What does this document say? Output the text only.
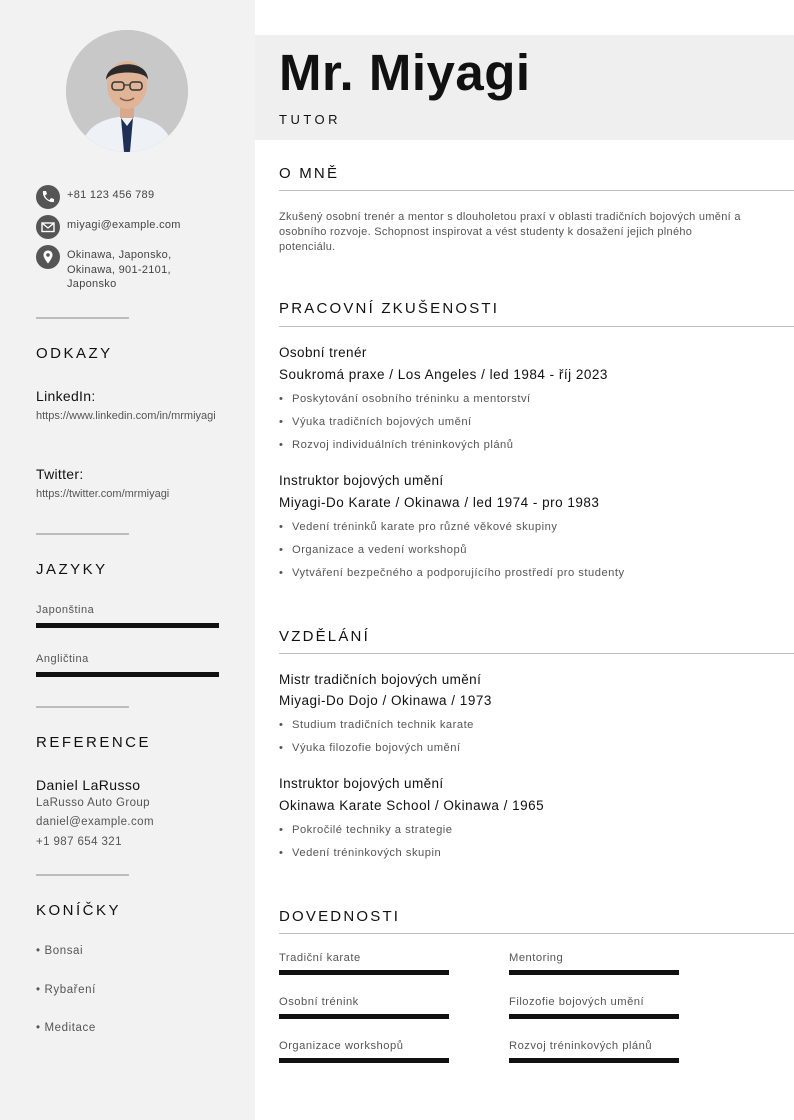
+81 123 456 789
miyagi@example.com
Okinawa, Japonsko, Okinawa, 901-2101, Japonsko
ODKAZY
LinkedIn:
https://www.linkedin.com/in/mrmiyagi
Twitter:
https://twitter.com/mrmiyagi
JAZYKY
Japonština
Angličtina
REFERENCE
Daniel LaRusso
LaRusso Auto Group
daniel@example.com
+1 987 654 321
KONÍČKY
• Bonsai
• Rybaření
• Meditace
Mr. Miyagi
TUTOR
O MNĚ
Zkušený osobní trenér a mentor s dlouholetou praxí v oblasti tradičních bojových umění a osobního rozvoje. Schopnost inspirovat a vést studenty k dosažení jejich plného potenciálu.
PRACOVNÍ ZKUŠENOSTI
Osobní trenér
Soukromá praxe / Los Angeles / led 1984 - říj 2023
• Poskytování osobního tréninku a mentorství
• Výuka tradičních bojových umění
• Rozvoj individuálních tréninkových plánů
Instruktor bojových umění
Miyagi-Do Karate / Okinawa / led 1974 - pro 1983
• Vedení tréninků karate pro různé věkové skupiny
• Organizace a vedení workshopů
• Vytváření bezpečného a podporujícího prostředí pro studenty
VZDĚLÁNÍ
Mistr tradičních bojových umění
Miyagi-Do Dojo / Okinawa / 1973
• Studium tradičních technik karate
• Výuka filozofie bojových umění
Instruktor bojových umění
Okinawa Karate School / Okinawa / 1965
• Pokročilé techniky a strategie
• Vedení tréninkových skupin
DOVEDNOSTI
Tradiční karate	Mentoring
Osobní trénink	Filozofie bojových umění
Organizace workshopů	Rozvoj tréninkových plánů
